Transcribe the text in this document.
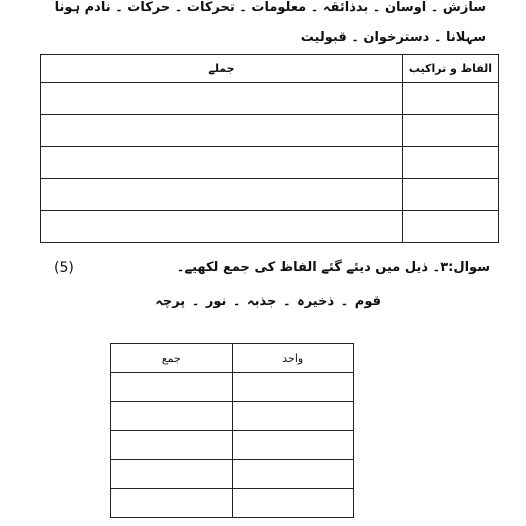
سازش ۔ اوسان ۔ بدذائقہ ۔ معلومات ۔ تحرکات ۔ حرکات ۔ نادم ہونا
سہلانا ۔ دسترخوان ۔ قبولیت
جملے	الفاظ و تراکیب

(5)	سوال:۳۔ ذیل میں دیئے گئے الفاظ کی جمع لکھیے۔
قوم ۔ ذخیرہ ۔ جذبہ ۔ نور ۔ پرچہ
جمع	واحد
